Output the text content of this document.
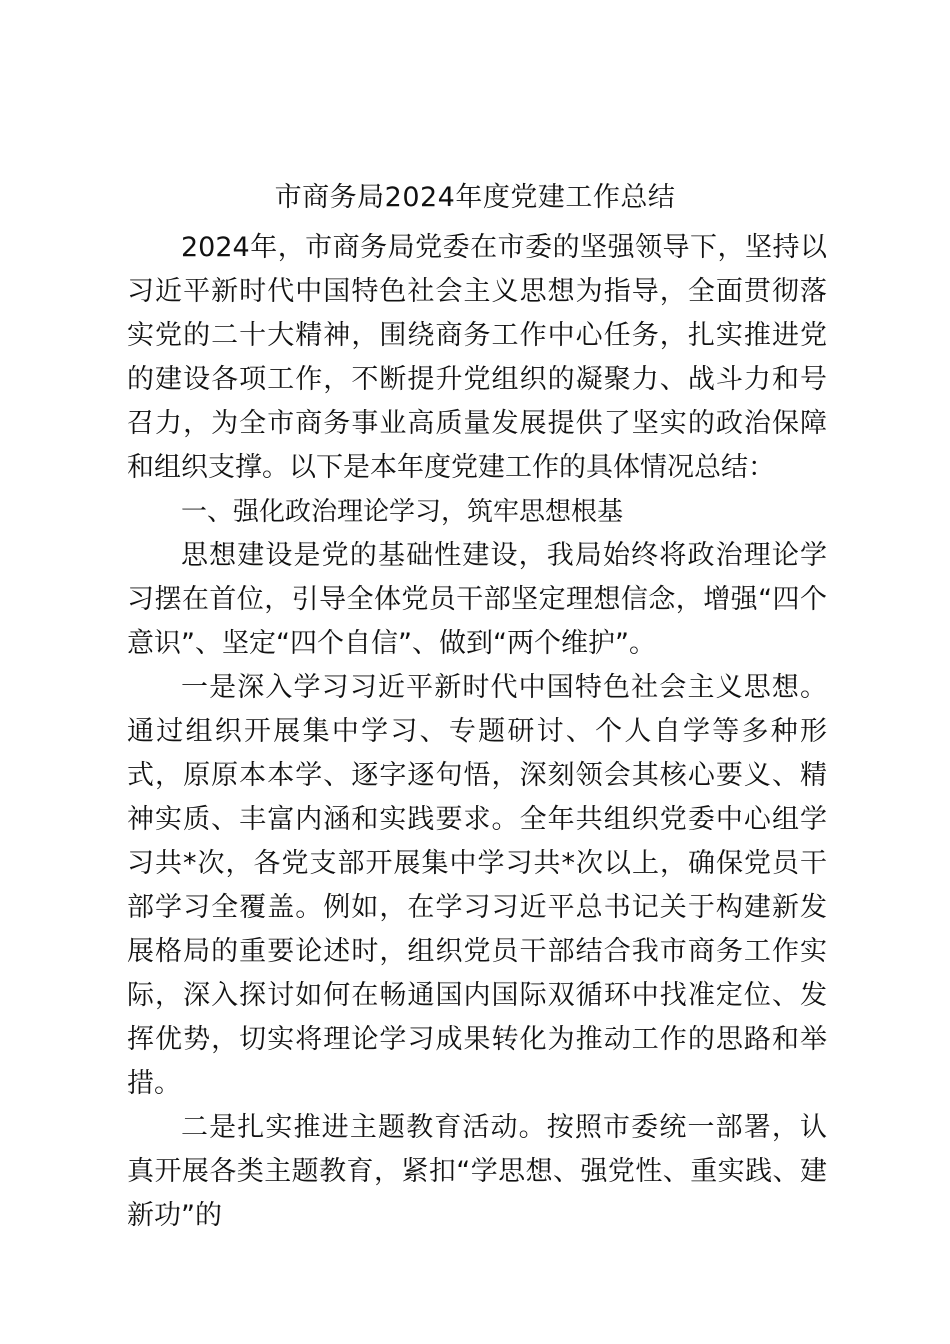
市商务局2024年度党建工作总结

2024年，市商务局党委在市委的坚强领导下，坚持以习近平新时代中国特色社会主义思想为指导，全面贯彻落实党的二十大精神，围绕商务工作中心任务，扎实推进党的建设各项工作，不断提升党组织的凝聚力、战斗力和号召力，为全市商务事业高质量发展提供了坚实的政治保障和组织支撑。以下是本年度党建工作的具体情况总结：

一、强化政治理论学习，筑牢思想根基

思想建设是党的基础性建设，我局始终将政治理论学习摆在首位，引导全体党员干部坚定理想信念，增强“四个意识”、坚定“四个自信”、做到“两个维护”。

一是深入学习习近平新时代中国特色社会主义思想。通过组织开展集中学习、专题研讨、个人自学等多种形式，原原本本学、逐字逐句悟，深刻领会其核心要义、精神实质、丰富内涵和实践要求。全年共组织党委中心组学习共*次，各党支部开展集中学习共*次以上，确保党员干部学习全覆盖。例如，在学习习近平总书记关于构建新发展格局的重要论述时，组织党员干部结合我市商务工作实际，深入探讨如何在畅通国内国际双循环中找准定位、发挥优势，切实将理论学习成果转化为推动工作的思路和举措。

二是扎实推进主题教育活动。按照市委统一部署，认真开展各类主题教育，紧扣“学思想、强党性、重实践、建新功”的
